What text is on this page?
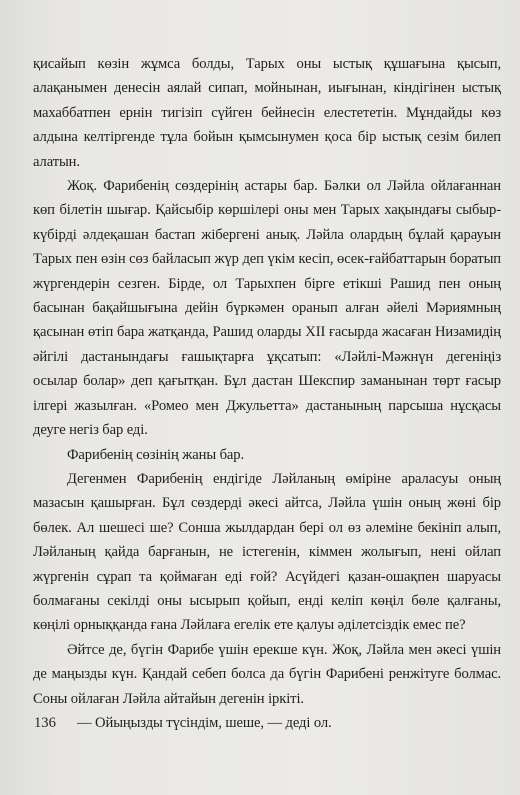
қисайып көзін жұмса болды, Тарых оны ыстық құшағына қысып, алақанымен денесін аялай сипап, мойнынан, иығынан, кіндігінен ыстық махаббатпен ернін тигізіп сүйген бейнесін елестететін. Мұндайды көз алдына келтіргенде тұла бойын қымсынумен қоса бір ыстық сезім билеп алатын.

Жоқ. Фарибенің сөздерінің астары бар. Бәлки ол Ләйла ойлағаннан көп білетін шығар. Қайсыбір көршілері оны мен Тарых хақындағы сыбыр-күбірді әлдеқашан бастап жібергені анық. Ләйла олардың бұлай қарауын Тарых пен өзін сөз байласып жүр деп үкім кесіп, өсек-ғайбаттарын боратып жүргендерін сезген. Бірде, ол Тарыхпен бірге етікші Рашид пен оның басынан бақайшығына дейін бүркәмен оранып алған әйелі Мәриямның қасынан өтіп бара жатқанда, Рашид оларды XII ғасырда жасаған Низамидің әйгілі дастанындағы ғашықтарға ұқсатып: «Ләйлі-Мәжнүн дегеніңіз осылар болар» деп қағытқан. Бұл дастан Шекспир заманынан төрт ғасыр ілгері жазылған. «Ромео мен Джульетта» дастанының парсыша нұсқасы деуге негіз бар еді.

Фарибенің сөзінің жаны бар.

Дегенмен Фарибенің ендігіде Ләйланың өміріне араласуы оның мазасын қашырған. Бұл сөздерді әкесі айтса, Ләйла үшін оның жөні бір бөлек. Ал шешесі ше? Сонша жылдардан бері ол өз әлеміне бекініп алып, Ләйланың қайда барғанын, не істегенін, кіммен жолығып, нені ойлап жүргенін сұрап та қоймаған еді ғой? Асүйдегі қазан-ошақпен шаруасы болмағаны секілді оны ысырып қойып, енді келіп көңіл бөле қалғаны, көңілі орныққанда ғана Ләйлаға егелік ете қалуы әділетсіздік емес пе?

Әйтсе де, бүгін Фарибе үшін ерекше күн. Жоқ, Ләйла мен әкесі үшін де маңызды күн. Қандай себеп болса да бүгін Фарибені ренжітуге болмас. Соны ойлаған Ләйла айтайын дегенін іркіті.

— Ойыңызды түсіндім, шеше, — деді ол.

136
